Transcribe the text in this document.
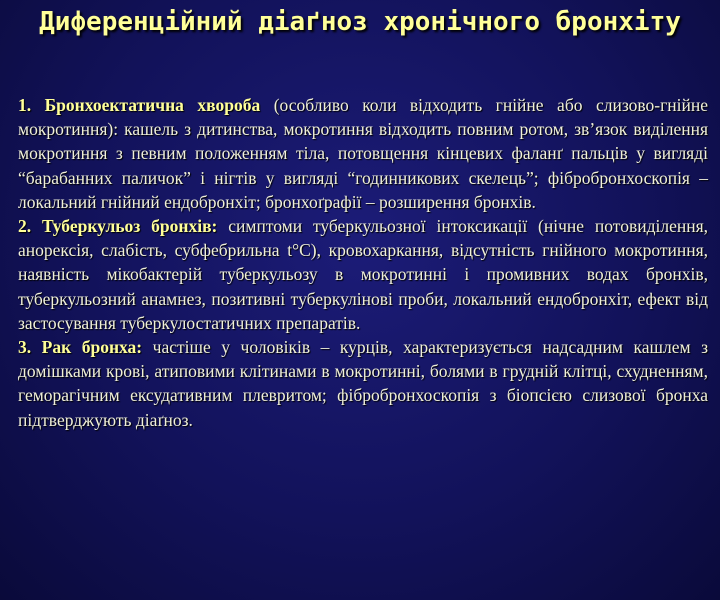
Диференційний діаґноз хронічного бронхіту

1. Бронхоектатична хвороба (особливо коли відходить гнійне або слизово-гнійне мокротиння): кашель з дитинства, мокротиння відходить повним ротом, зв’язок виділення мокротиння з певним положенням тіла, потовщення кінцевих фаланґ пальців у вигляді “барабанних паличок” і нігтів у вигляді “годинникових скелець”; фібробронхоскопія – локальний гнійний ендобронхіт; бронхоґрафії – розширення бронхів.

2. Туберкульоз бронхів: симптоми туберкульозної інтоксикації (нічне потовиділення, анорексія, слабість, субфебрильна t°С), кровохаркання, відсутність гнійного мокротиння, наявність мікобактерій туберкульозу в мокротинні і промивних водах бронхів, туберкульозний анамнез, позитивні туберкулінові проби, локальний ендобронхіт, ефект від застосування туберкулостатичних препаратів.

3. Рак бронха: частіше у чоловіків – курців, характеризується надсадним кашлем з домішками крові, атиповими клітинами в мокротинні, болями в грудній клітці, схудненням, геморагічним ексудативним плевритом; фібробронхоскопія з біопсією слизової бронха підтверджують діаґноз.
